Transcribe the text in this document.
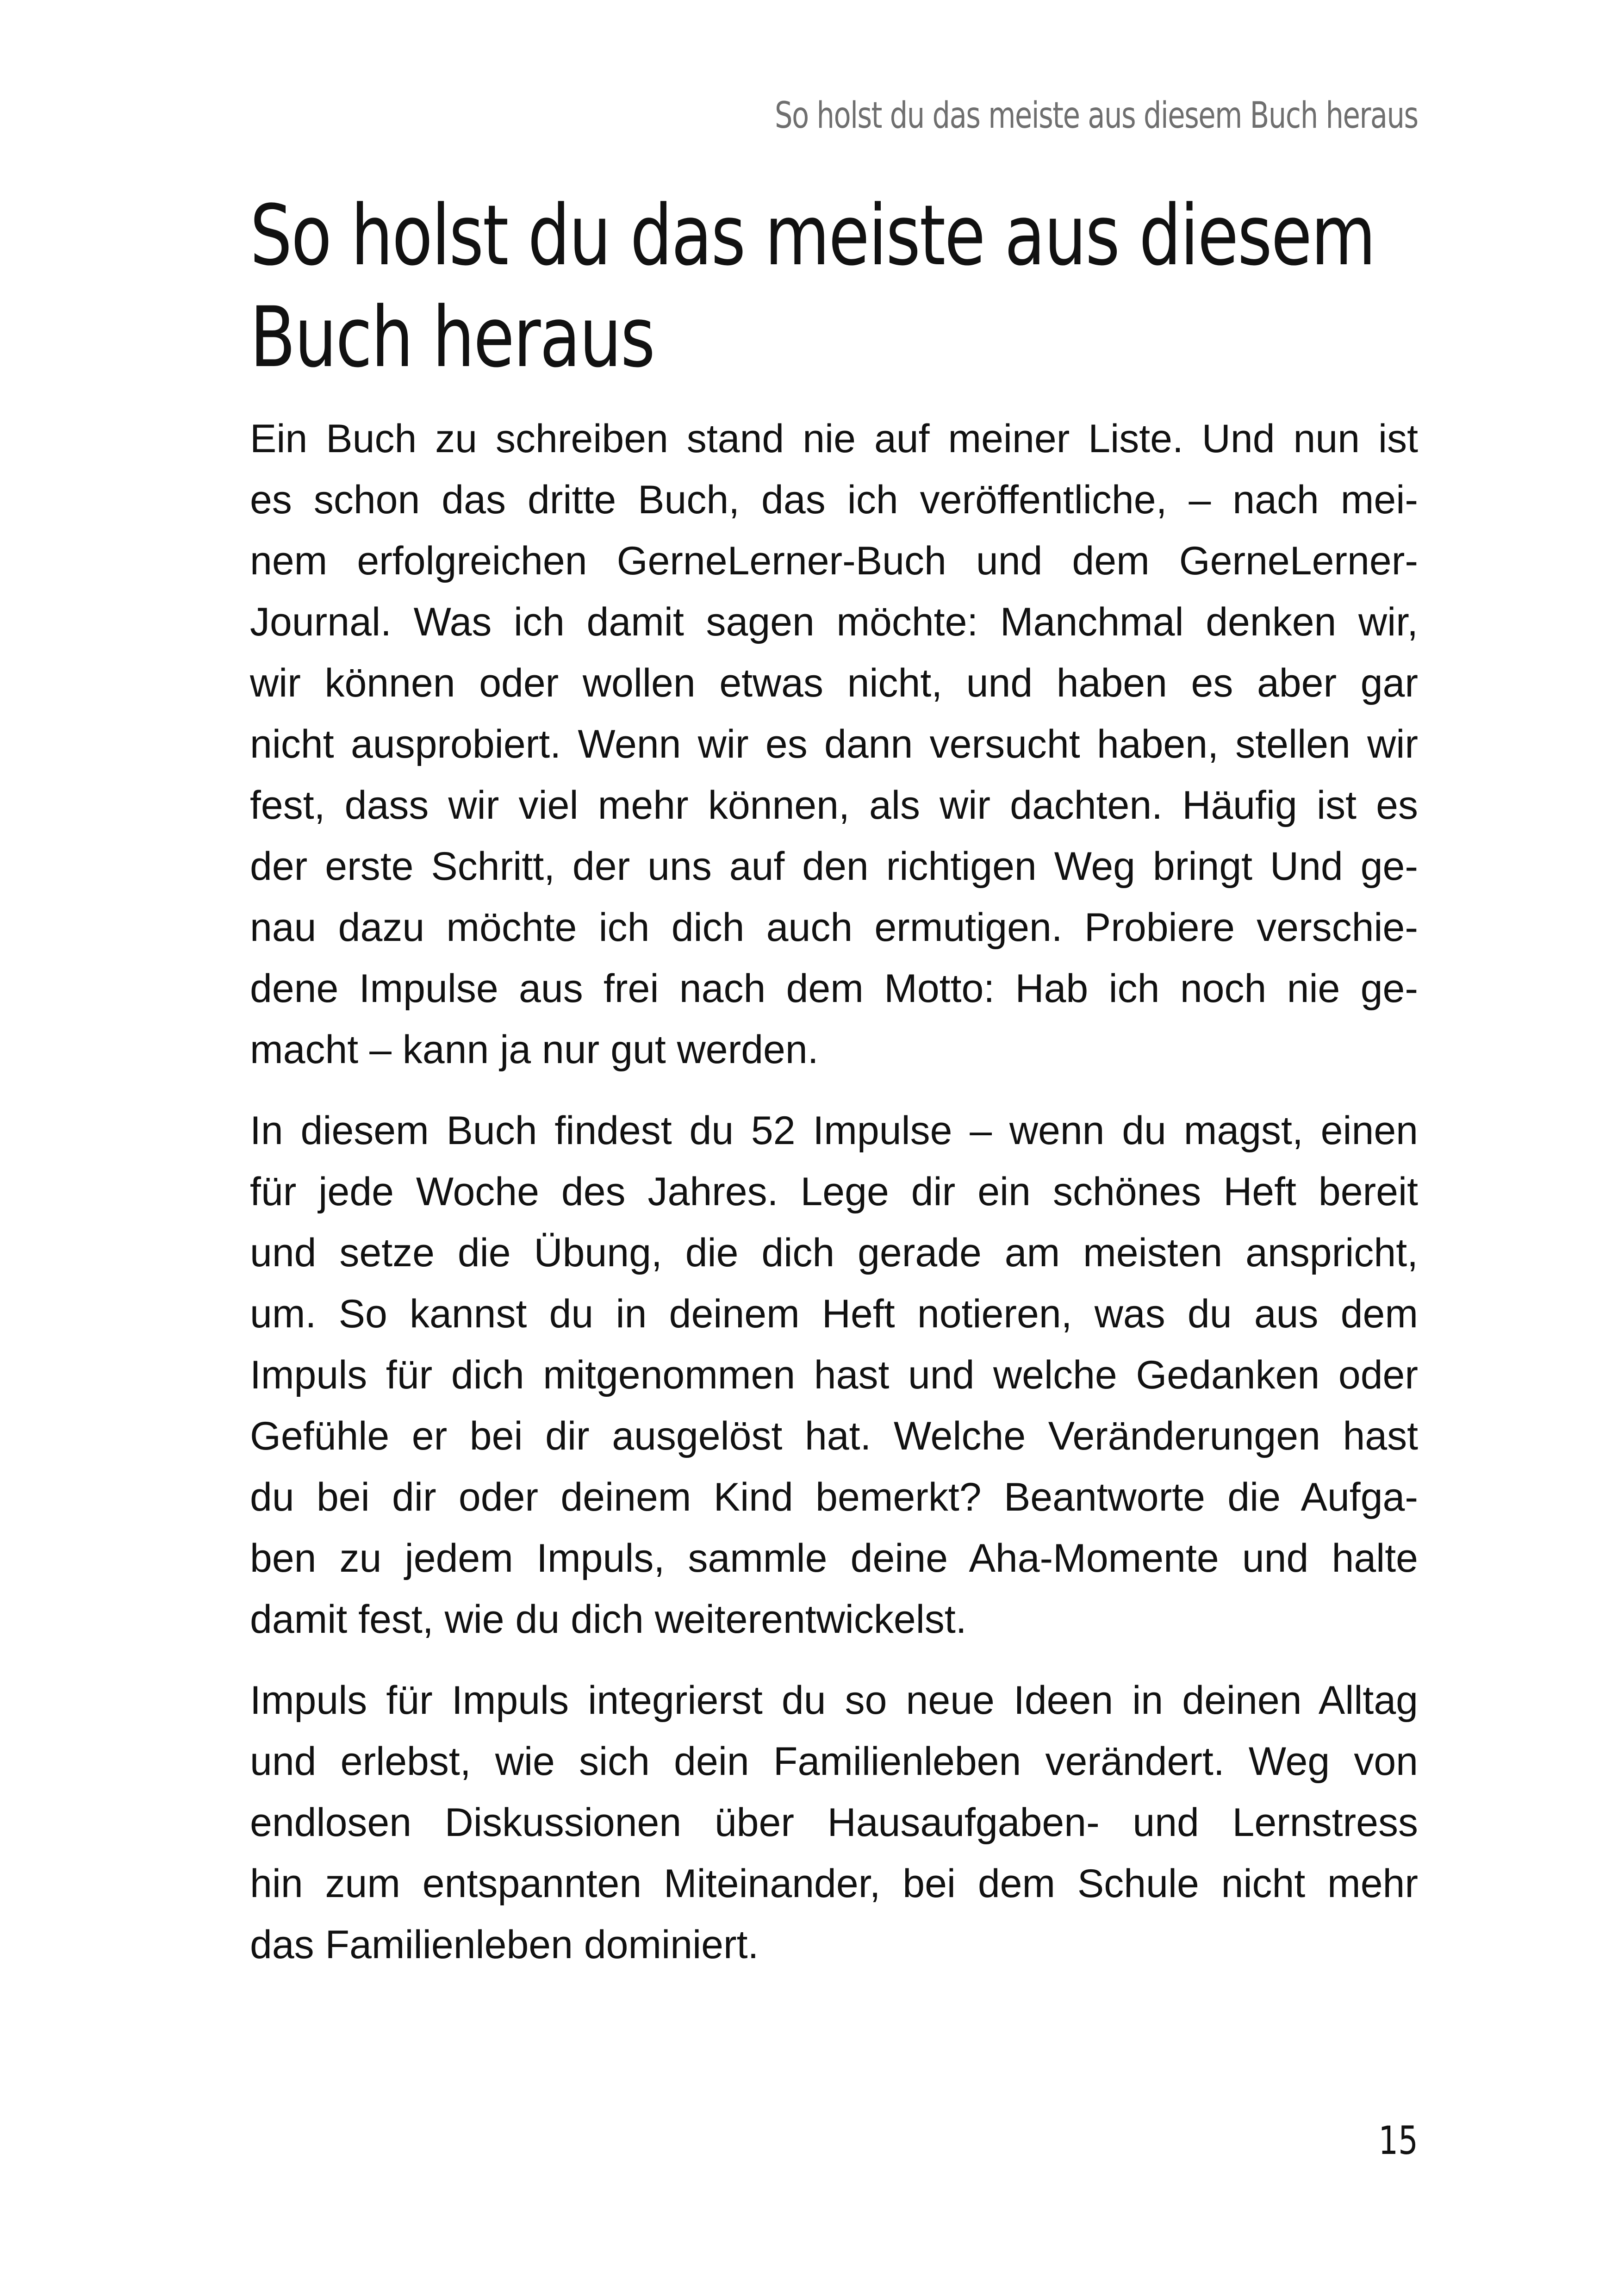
So holst du das meiste aus diesem Buch heraus
So holst du das meiste aus diesem
Buch heraus

Ein Buch zu schreiben stand nie auf meiner Liste. Und nun ist
es schon das dritte Buch, das ich veröffentliche, – nach mei-
nem erfolgreichen GerneLerner-Buch und dem GerneLerner-
Journal. Was ich damit sagen möchte: Manchmal denken wir,
wir können oder wollen etwas nicht, und haben es aber gar
nicht ausprobiert. Wenn wir es dann versucht haben, stellen wir
fest, dass wir viel mehr können, als wir dachten. Häufig ist es
der erste Schritt, der uns auf den richtigen Weg bringt Und ge-
nau dazu möchte ich dich auch ermutigen. Probiere verschie-
dene Impulse aus frei nach dem Motto: Hab ich noch nie ge-
macht – kann ja nur gut werden.

In diesem Buch findest du 52 Impulse – wenn du magst, einen
für jede Woche des Jahres. Lege dir ein schönes Heft bereit
und setze die Übung, die dich gerade am meisten anspricht,
um. So kannst du in deinem Heft notieren, was du aus dem
Impuls für dich mitgenommen hast und welche Gedanken oder
Gefühle er bei dir ausgelöst hat. Welche Veränderungen hast
du bei dir oder deinem Kind bemerkt? Beantworte die Aufga-
ben zu jedem Impuls, sammle deine Aha-Momente und halte
damit fest, wie du dich weiterentwickelst.

Impuls für Impuls integrierst du so neue Ideen in deinen Alltag
und erlebst, wie sich dein Familienleben verändert. Weg von
endlosen Diskussionen über Hausaufgaben- und Lernstress
hin zum entspannten Miteinander, bei dem Schule nicht mehr
das Familienleben dominiert.

15
